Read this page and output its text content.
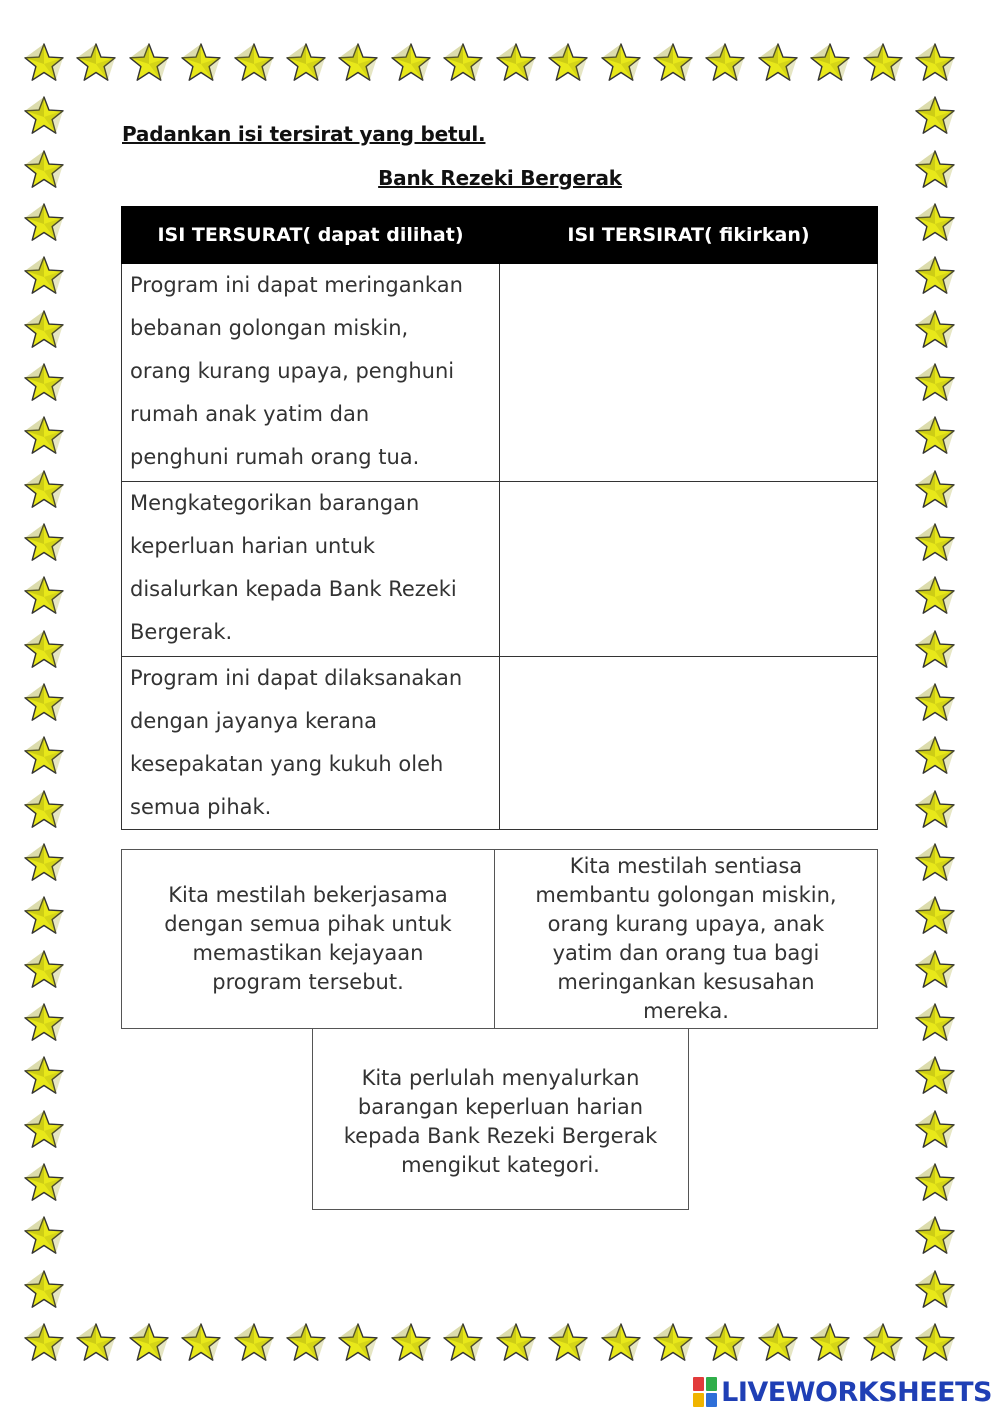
Padankan isi tersirat yang betul.
Bank Rezeki Bergerak
ISI TERSURAT( dapat dilihat)	ISI TERSIRAT( fikirkan)

Program ini dapat meringankan
bebanan golongan miskin,
orang kurang upaya, penghuni
rumah anak yatim dan
penghuni rumah orang tua.	

Mengkategorikan barangan
keperluan harian untuk
disalurkan kepada Bank Rezeki
Bergerak.	

Program ini dapat dilaksanakan
dengan jayanya kerana
kesepakatan yang kukuh oleh
semua pihak.	

Kita mestilah bekerjasama
dengan semua pihak untuk
memastikan kejayaan
program tersebut.
Kita mestilah sentiasa
membantu golongan miskin,
orang kurang upaya, anak
yatim dan orang tua bagi
meringankan kesusahan
mereka.
Kita perlulah menyalurkan
barangan keperluan harian
kepada Bank Rezeki Bergerak
mengikut kategori.
LIVEWORKSHEETS
